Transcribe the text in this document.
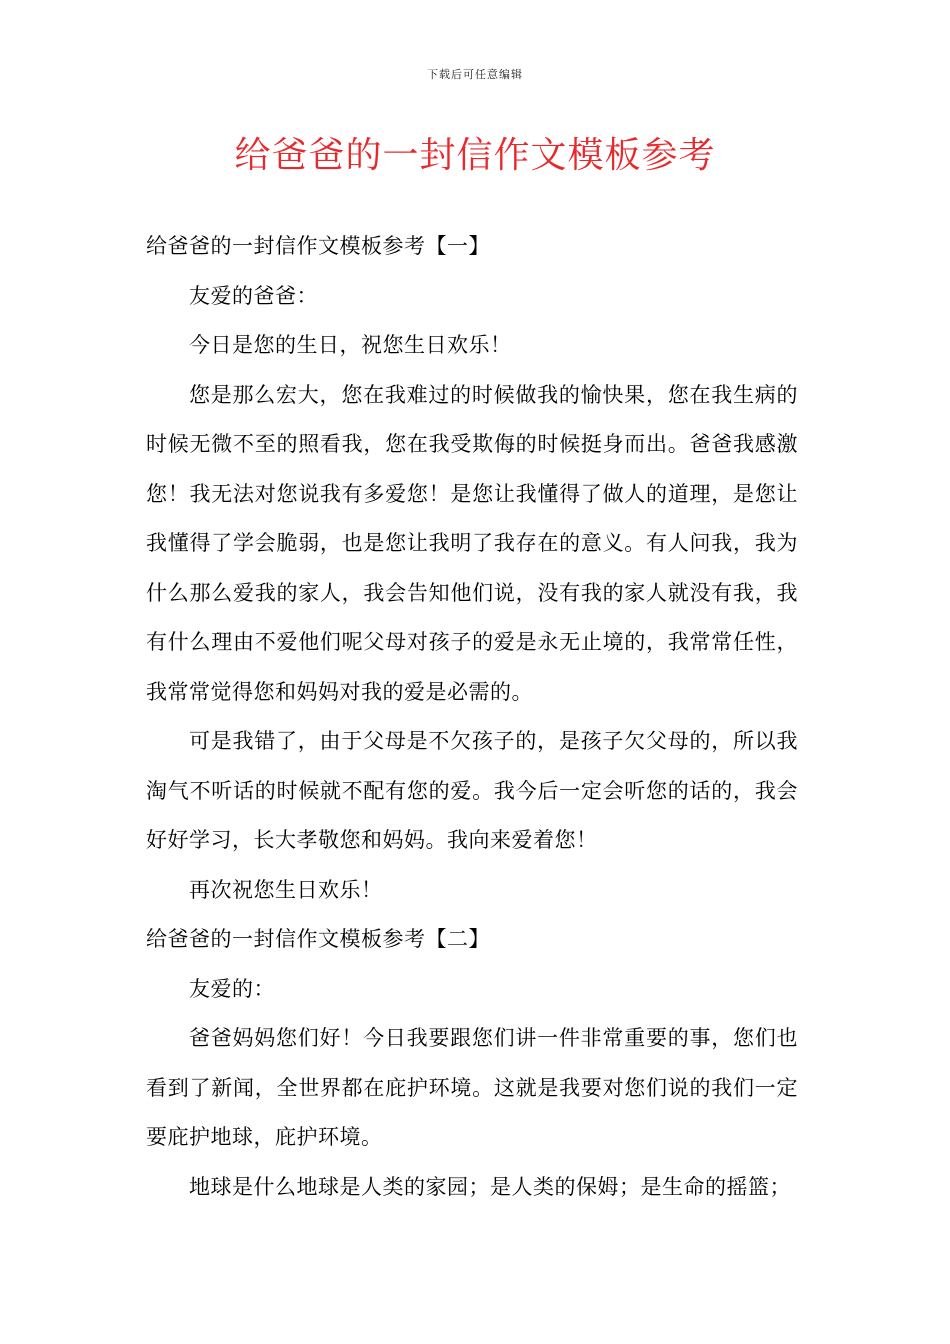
下载后可任意编辑
给爸爸的一封信作文模板参考

给爸爸的一封信作文模板参考【一】

友爱的爸爸：

今日是您的生日，祝您生日欢乐！

您是那么宏大，您在我难过的时候做我的愉快果，您在我生病的时候无微不至的照看我，您在我受欺侮的时候挺身而出。爸爸我感激您！我无法对您说我有多爱您！是您让我懂得了做人的道理，是您让我懂得了学会脆弱，也是您让我明了我存在的意义。有人问我，我为什么那么爱我的家人，我会告知他们说，没有我的家人就没有我，我有什么理由不爱他们呢父母对孩子的爱是永无止境的，我常常任性，我常常觉得您和妈妈对我的爱是必需的。

可是我错了，由于父母是不欠孩子的，是孩子欠父母的，所以我淘气不听话的时候就不配有您的爱。我今后一定会听您的话的，我会好好学习，长大孝敬您和妈妈。我向来爱着您！

再次祝您生日欢乐！

给爸爸的一封信作文模板参考【二】

友爱的：

爸爸妈妈您们好！今日我要跟您们讲一件非常重要的事，您们也看到了新闻，全世界都在庇护环境。这就是我要对您们说的我们一定要庇护地球，庇护环境。

地球是什么地球是人类的家园；是人类的保姆；是生命的摇篮；
